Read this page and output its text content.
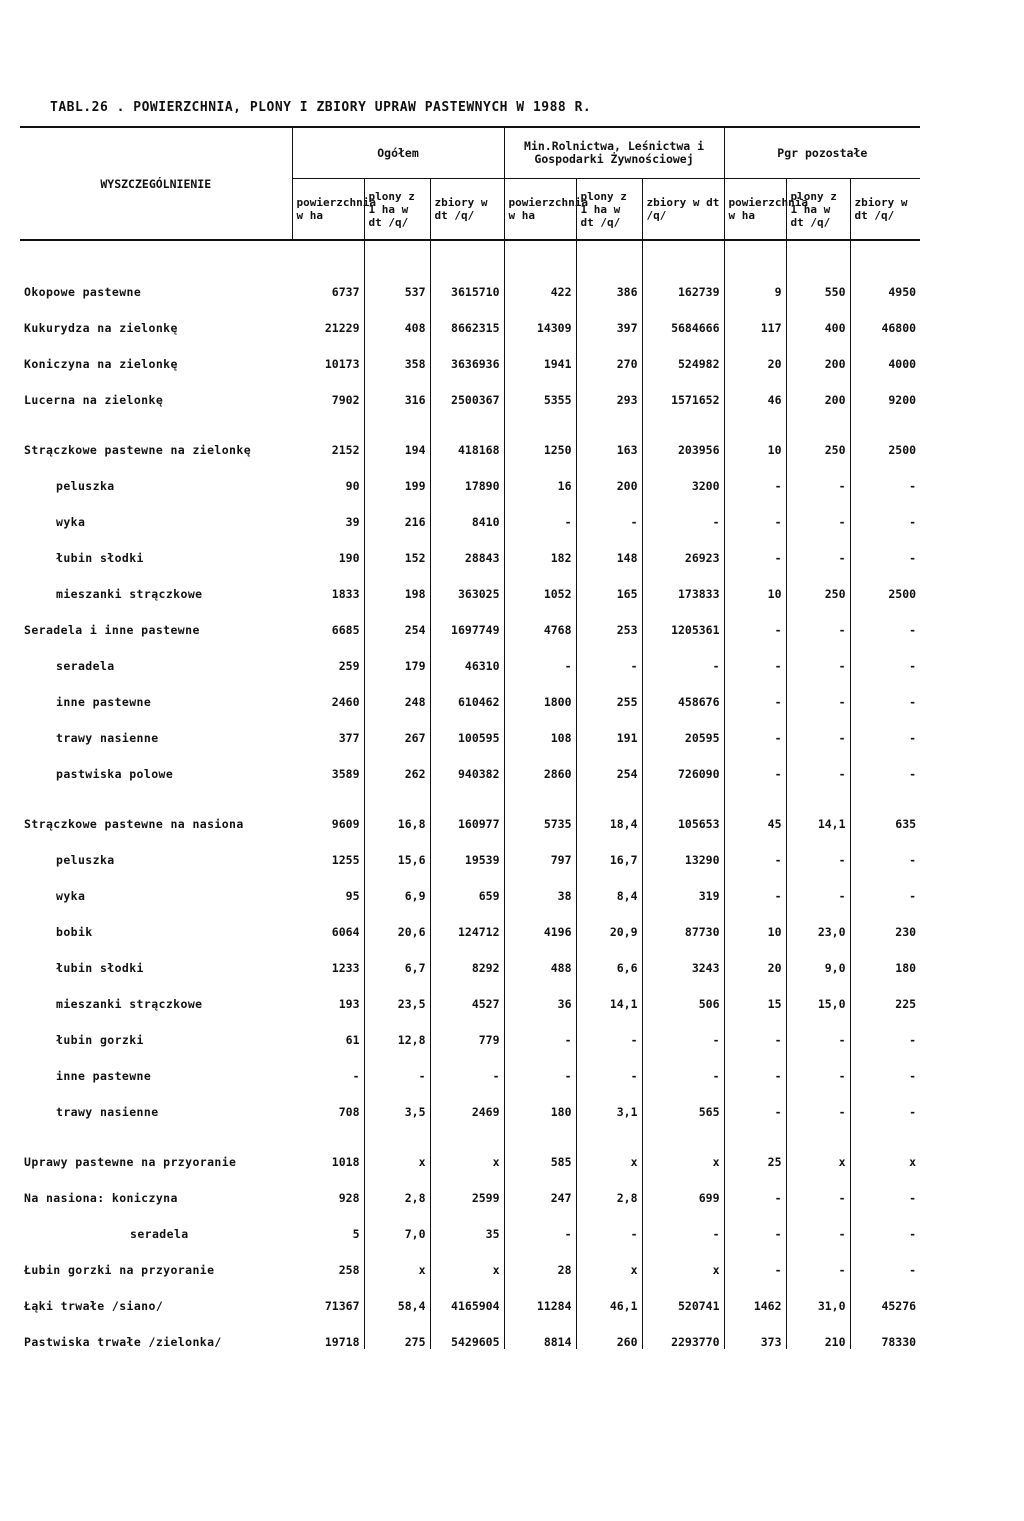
TABL.26 . POWIERZCHNIA, PLONY I ZBIORY UPRAW PASTEWNYCH W 1988 R.
WYSZCZEGÓLNIENIE	Ogółem			Min.Rolnictwa, Leśnictwa i Gospodarki Żywnościowej			Pgr pozostałe		
	powierzchnia w ha	plony z 1 ha w dt /q/	zbiory w dt /q/	powierzchnia w ha	plony z 1 ha w dt /q/	zbiory w dt /q/	powierzchnia w ha	plony z 1 ha w dt /q/	zbiory w dt /q/
Okopowe pastewne	6737	537	3615710	422	386	162739	9	550	4950
Kukurydza na zielonkę	21229	408	8662315	14309	397	5684666	117	400	46800
Koniczyna na zielonkę	10173	358	3636936	1941	270	524982	20	200	4000
Lucerna na zielonkę	7902	316	2500367	5355	293	1571652	46	200	9200
Strączkowe pastewne na zielonkę	2152	194	418168	1250	163	203956	10	250	2500
peluszka	90	199	17890	16	200	3200	-	-	-
wyka	39	216	8410	-	-	-	-	-	-
łubin słodki	190	152	28843	182	148	26923	-	-	-
mieszanki strączkowe	1833	198	363025	1052	165	173833	10	250	2500
Seradela i inne pastewne	6685	254	1697749	4768	253	1205361	-	-	-
seradela	259	179	46310	-	-	-	-	-	-
inne pastewne	2460	248	610462	1800	255	458676	-	-	-
trawy nasienne	377	267	100595	108	191	20595	-	-	-
pastwiska polowe	3589	262	940382	2860	254	726090	-	-	-
Strączkowe pastewne na nasiona	9609	16,8	160977	5735	18,4	105653	45	14,1	635
peluszka	1255	15,6	19539	797	16,7	13290	-	-	-
wyka	95	6,9	659	38	8,4	319	-	-	-
bobik	6064	20,6	124712	4196	20,9	87730	10	23,0	230
łubin słodki	1233	6,7	8292	488	6,6	3243	20	9,0	180
mieszanki strączkowe	193	23,5	4527	36	14,1	506	15	15,0	225
łubin gorzki	61	12,8	779	-	-	-	-	-	-
inne pastewne	-	-	-	-	-	-	-	-	-
trawy nasienne	708	3,5	2469	180	3,1	565	-	-	-
Uprawy pastewne na przyoranie	1018	x	x	585	x	x	25	x	x
Na nasiona: koniczyna	928	2,8	2599	247	2,8	699	-	-	-
seradela	5	7,0	35	-	-	-	-	-	-
Łubin gorzki na przyoranie	258	x	x	28	x	x	-	-	-
Łąki trwałe /siano/	71367	58,4	4165904	11284	46,1	520741	1462	31,0	45276
Pastwiska trwałe /zielonka/	19718	275	5429605	8814	260	2293770	373	210	78330
